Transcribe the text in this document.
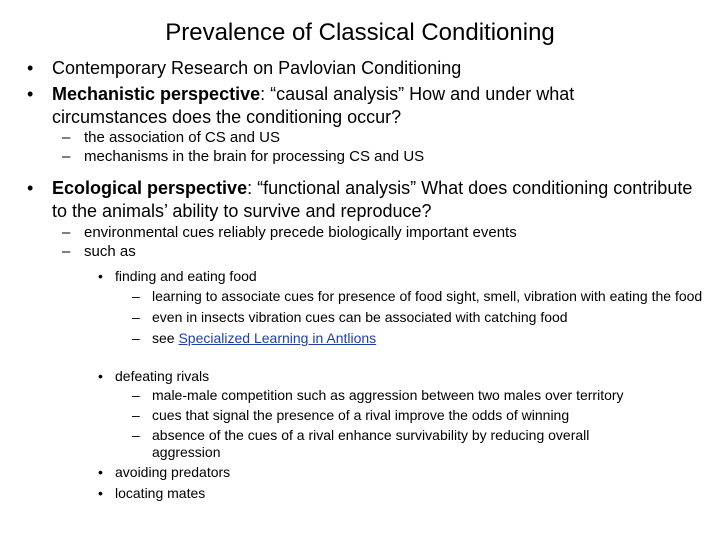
Prevalence of Classical Conditioning
• Contemporary Research on Pavlovian Conditioning
• Mechanistic perspective: “causal analysis” How and under what circumstances does the conditioning occur?
– the association of CS and US
– mechanisms in the brain for processing CS and US
• Ecological perspective: “functional analysis” What does conditioning contribute to the animals’ ability to survive and reproduce?
– environmental cues reliably precede biologically important events
– such as
• finding and eating food
– learning to associate cues for presence of food sight, smell, vibration with eating the food
– even in insects vibration cues can be associated with catching food
– see Specialized Learning in Antlions
• defeating rivals
– male-male competition such as aggression between two males over territory
– cues that signal the presence of a rival improve the odds of winning
– absence of the cues of a rival enhance survivability by reducing overall aggression
• avoiding predators
• locating mates
